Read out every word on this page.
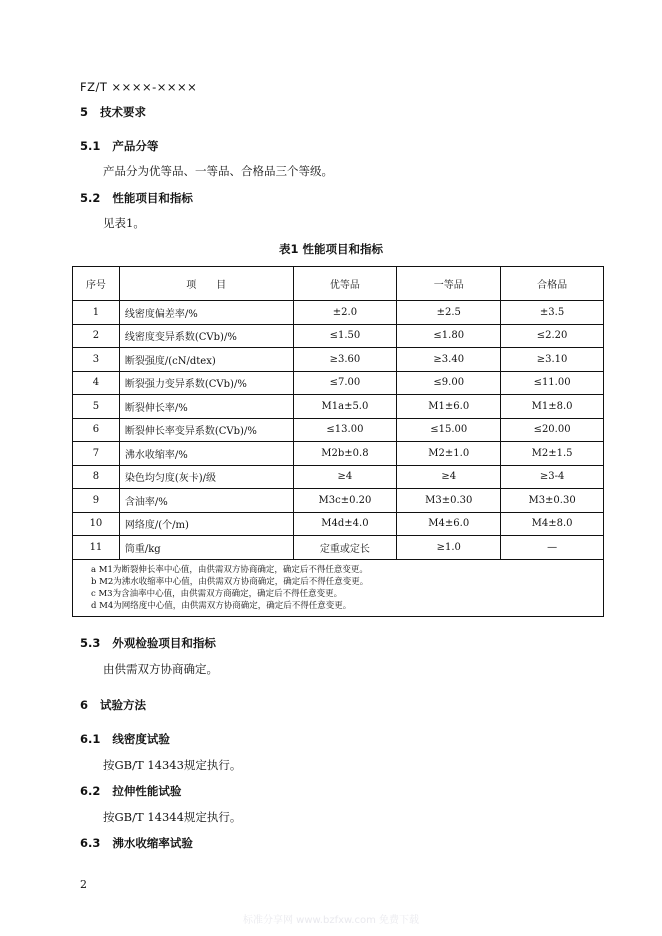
FZ/T ××××-××××
5 技术要求
5.1 产品分等
产品分为优等品、一等品、合格品三个等级。
5.2 性能项目和指标
见表1。
表1 性能项目和指标
序号	项　　目	优等品	一等品	合格品
1	线密度偏差率/%	±2.0	±2.5	±3.5
2	线密度变异系数(CVb)/%	≤1.50	≤1.80	≤2.20
3	断裂强度/(cN/dtex)	≥3.60	≥3.40	≥3.10
4	断裂强力变异系数(CVb)/%	≤7.00	≤9.00	≤11.00
5	断裂伸长率/%	M1a±5.0	M1±6.0	M1±8.0
6	断裂伸长率变异系数(CVb)/%	≤13.00	≤15.00	≤20.00
7	沸水收缩率/%	M2b±0.8	M2±1.0	M2±1.5
8	染色均匀度(灰卡)/级	≥4	≥4	≥3-4
9	含油率/%	M3c±0.20	M3±0.30	M3±0.30
10	网络度/(个/m)	M4d±4.0	M4±6.0	M4±8.0
11	筒重/kg	定重或定长	≥1.0	—

a M1为断裂伸长率中心值，由供需双方协商确定，确定后不得任意变更。
b M2为沸水收缩率中心值，由供需双方协商确定，确定后不得任意变更。
c M3为含油率中心值，由供需双方商确定，确定后不得任意变更。
d M4为网络度中心值，由供需双方协商确定，确定后不得任意变更。				
5.3 外观检验项目和指标
由供需双方协商确定。
6 试验方法
6.1 线密度试验
按GB/T 14343规定执行。
6.2 拉伸性能试验
按GB/T 14344规定执行。
6.3 沸水收缩率试验
2
标准分享网 www.bzfxw.com 免费下载
